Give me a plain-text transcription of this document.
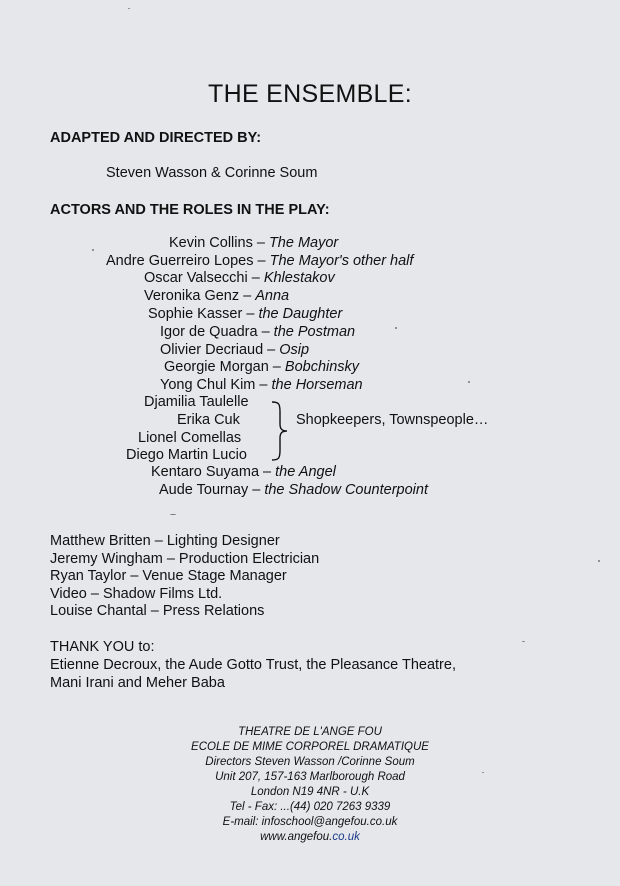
THE ENSEMBLE:
ADAPTED AND DIRECTED BY:
Steven Wasson & Corinne Soum
ACTORS AND THE ROLES IN THE PLAY:
Kevin Collins – The Mayor
Andre Guerreiro Lopes – The Mayor's other half
Oscar Valsecchi – Khlestakov
Veronika Genz – Anna
Sophie Kasser – the Daughter
Igor de Quadra – the Postman
Olivier Decriaud – Osip
Georgie Morgan – Bobchinsky
Yong Chul Kim – the Horseman
Djamilia Taulelle
Erika Cuk
Lionel Comellas
Diego Martin Lucio
Shopkeepers, Townspeople…
Kentaro Suyama – the Angel
Aude Tournay – the Shadow Counterpoint
Matthew Britten – Lighting Designer
Jeremy Wingham – Production Electrician
Ryan Taylor – Venue Stage Manager
Video – Shadow Films Ltd.
Louise Chantal – Press Relations
THANK YOU to:
Etienne Decroux, the Aude Gotto Trust, the Pleasance Theatre,
Mani Irani and Meher Baba
THEATRE DE L'ANGE FOU
ECOLE DE MIME CORPOREL DRAMATIQUE
Directors Steven Wasson /Corinne Soum
Unit 207, 157-163 Marlborough Road
London N19 4NR - U.K
Tel - Fax: ...(44) 020 7263 9339
E-mail: infoschool@angefou.co.uk
www.angefou.co.uk
